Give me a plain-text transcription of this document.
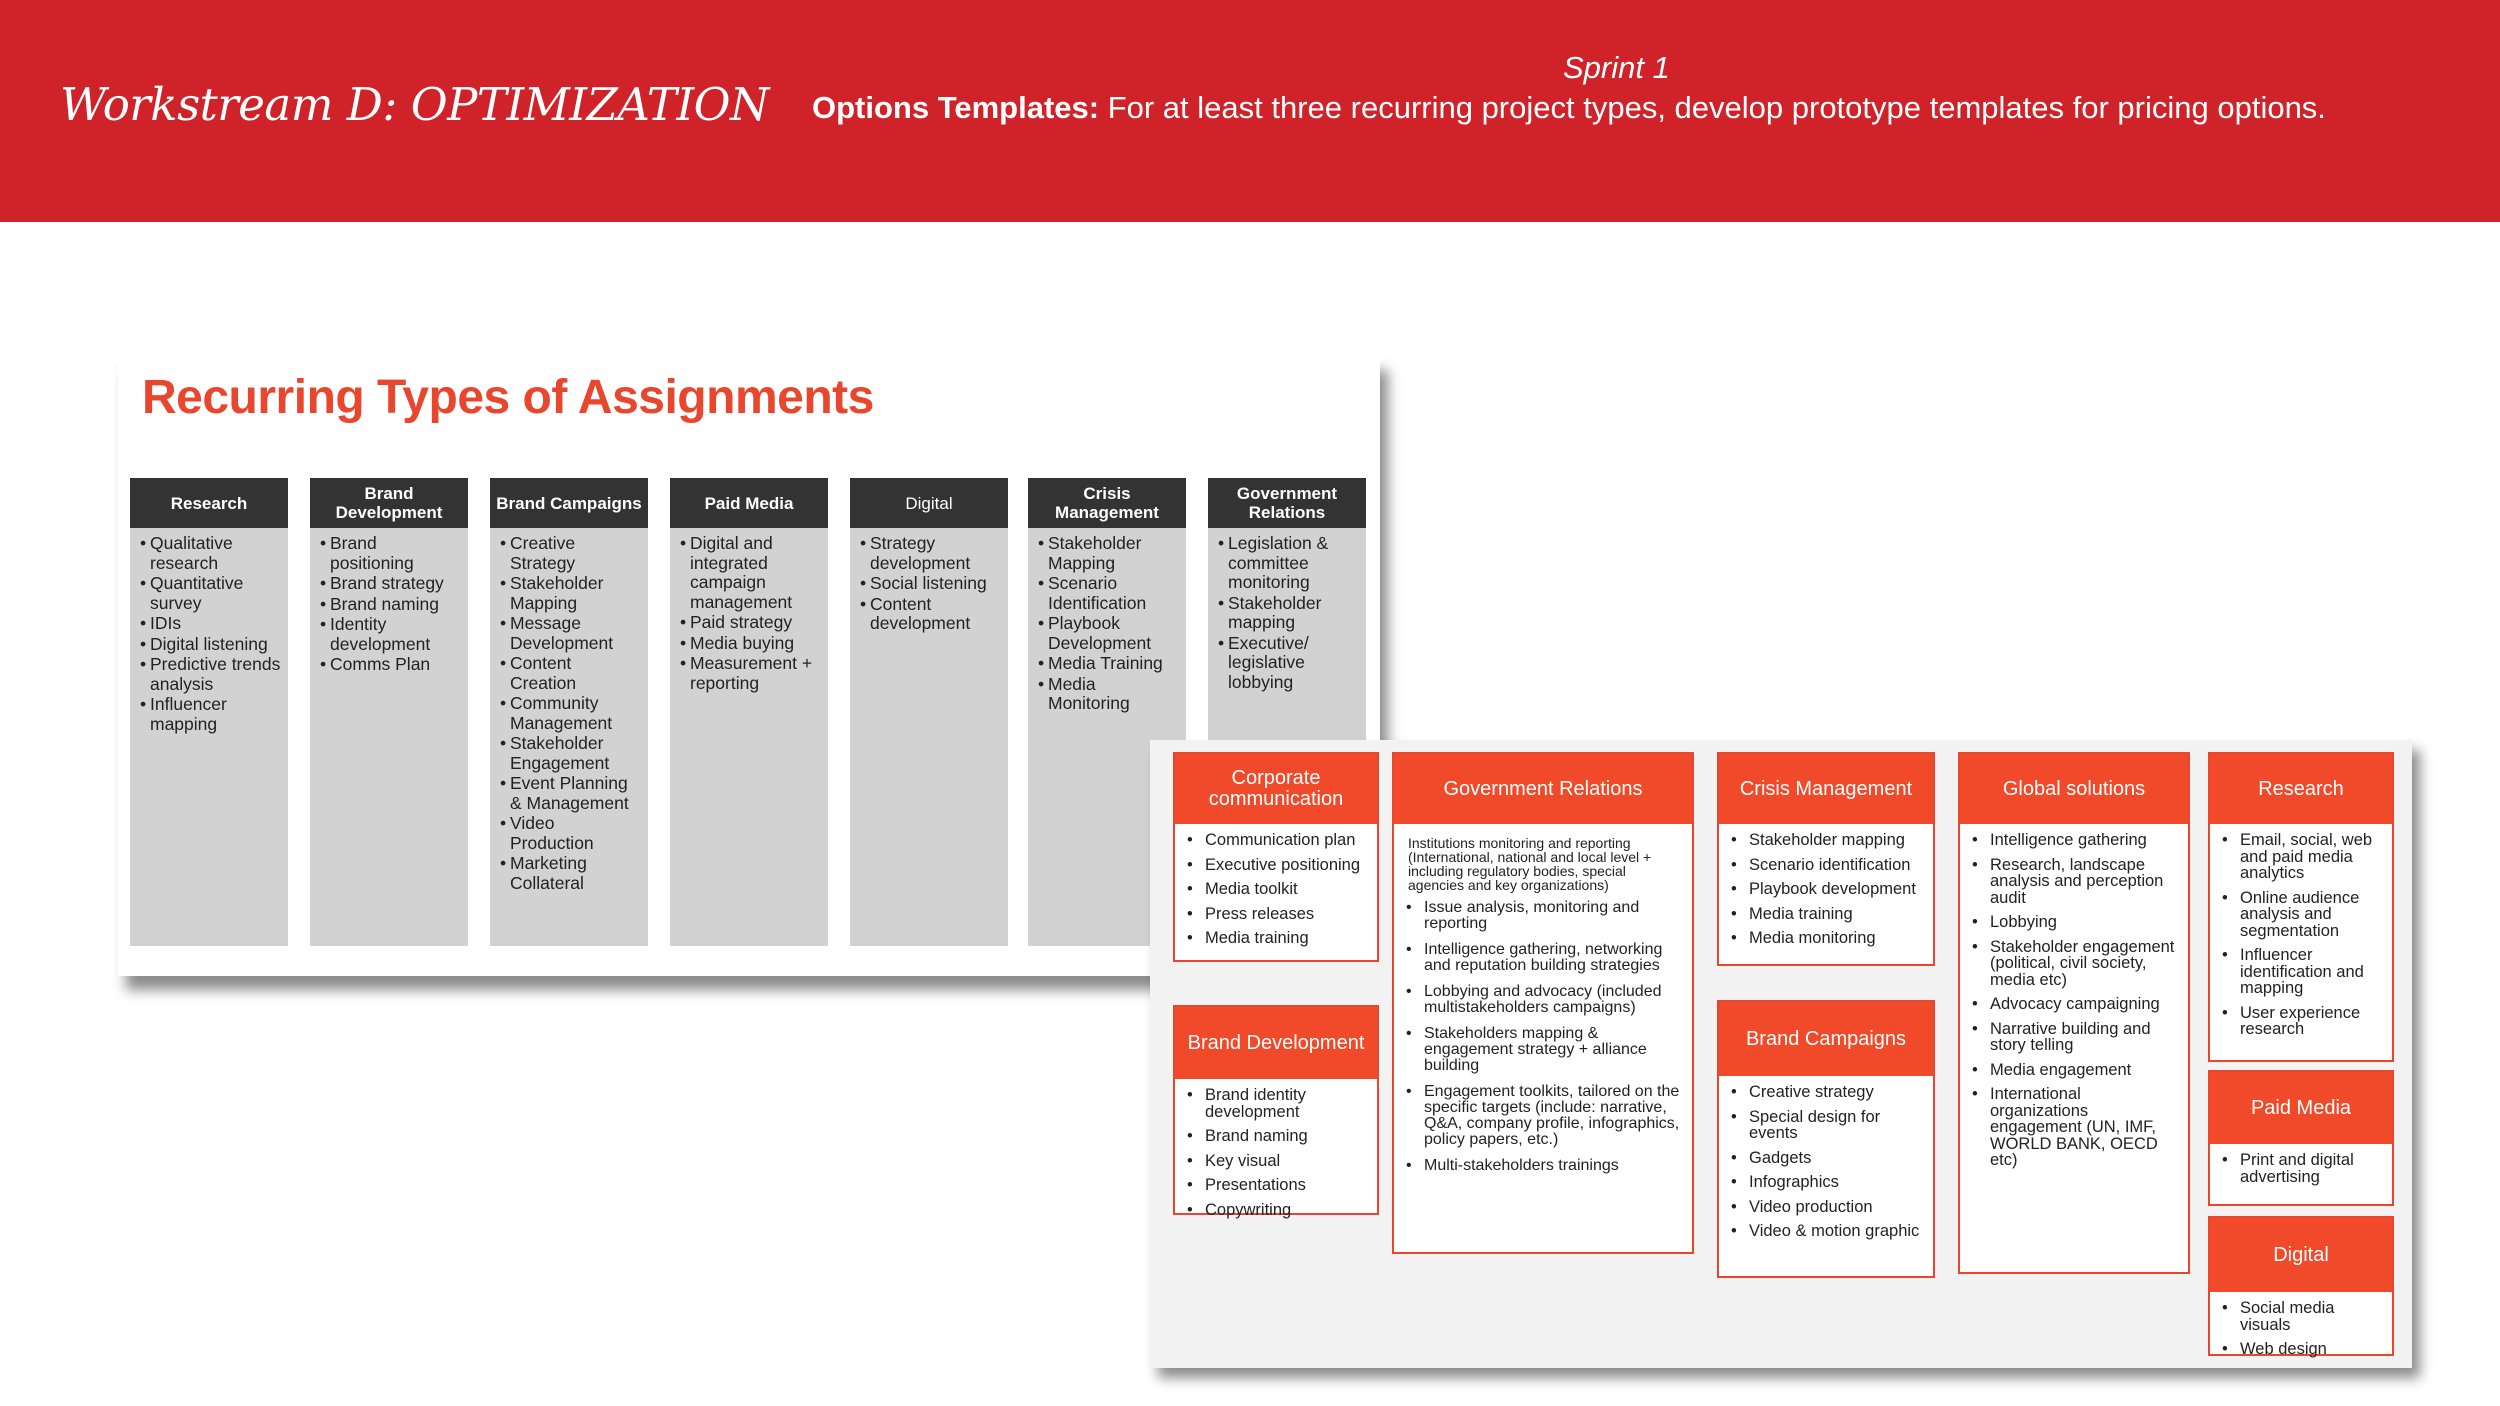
Workstream D: OPTIMIZATION
Sprint 1
Options Templates: For at least three recurring project types, develop prototype templates for pricing options.
Recurring Types of Assignments
Research
• Qualitative research
• Quantitative survey
• IDIs
• Digital listening
• Predictive trends analysis
• Influencer mapping
Brand Development
• Brand positioning
• Brand strategy
• Brand naming
• Identity development
• Comms Plan
Brand Campaigns
• Creative Strategy
• Stakeholder Mapping
• Message Development
• Content Creation
• Community Management
• Stakeholder Engagement
• Event Planning & Management
• Video Production
• Marketing Collateral
Paid Media
• Digital and integrated campaign management
• Paid strategy
• Media buying
• Measurement + reporting
Digital
• Strategy development
• Social listening
• Content development
Crisis Management
• Stakeholder Mapping
• Scenario Identification
• Playbook Development
• Media Training
• Media Monitoring
Government Relations
• Legislation & committee monitoring
• Stakeholder mapping
• Executive/ legislative lobbying
Corporate communication
• Communication plan
• Executive positioning
• Media toolkit
• Press releases
• Media training
Brand Development
• Brand identity development
• Brand naming
• Key visual
• Presentations
• Copywriting
Government Relations
Institutions monitoring and reporting (International, national and local level + including regulatory bodies, special agencies and key organizations)
• Issue analysis, monitoring and reporting
• Intelligence gathering, networking and reputation building strategies
• Lobbying and advocacy (included multistakeholders campaigns)
• Stakeholders mapping & engagement strategy + alliance building
• Engagement toolkits, tailored on the specific targets (include: narrative, Q&A, company profile, infographics, policy papers, etc.)
• Multi-stakeholders trainings
Crisis Management
• Stakeholder mapping
• Scenario identification
• Playbook development
• Media training
• Media monitoring
Brand Campaigns
• Creative strategy
• Special design for events
• Gadgets
• Infographics
• Video production
• Video & motion graphic
Global solutions
• Intelligence gathering
• Research, landscape analysis and perception audit
• Lobbying
• Stakeholder engagement (political, civil society, media etc)
• Advocacy campaigning
• Narrative building and story telling
• Media engagement
• International organizations engagement (UN, IMF, WORLD BANK, OECD etc)
Research
• Email, social, web and paid media analytics
• Online audience analysis and segmentation
• Influencer identification and mapping
• User experience research
Paid Media
• Print and digital advertising
Digital
• Social media visuals
• Web design
